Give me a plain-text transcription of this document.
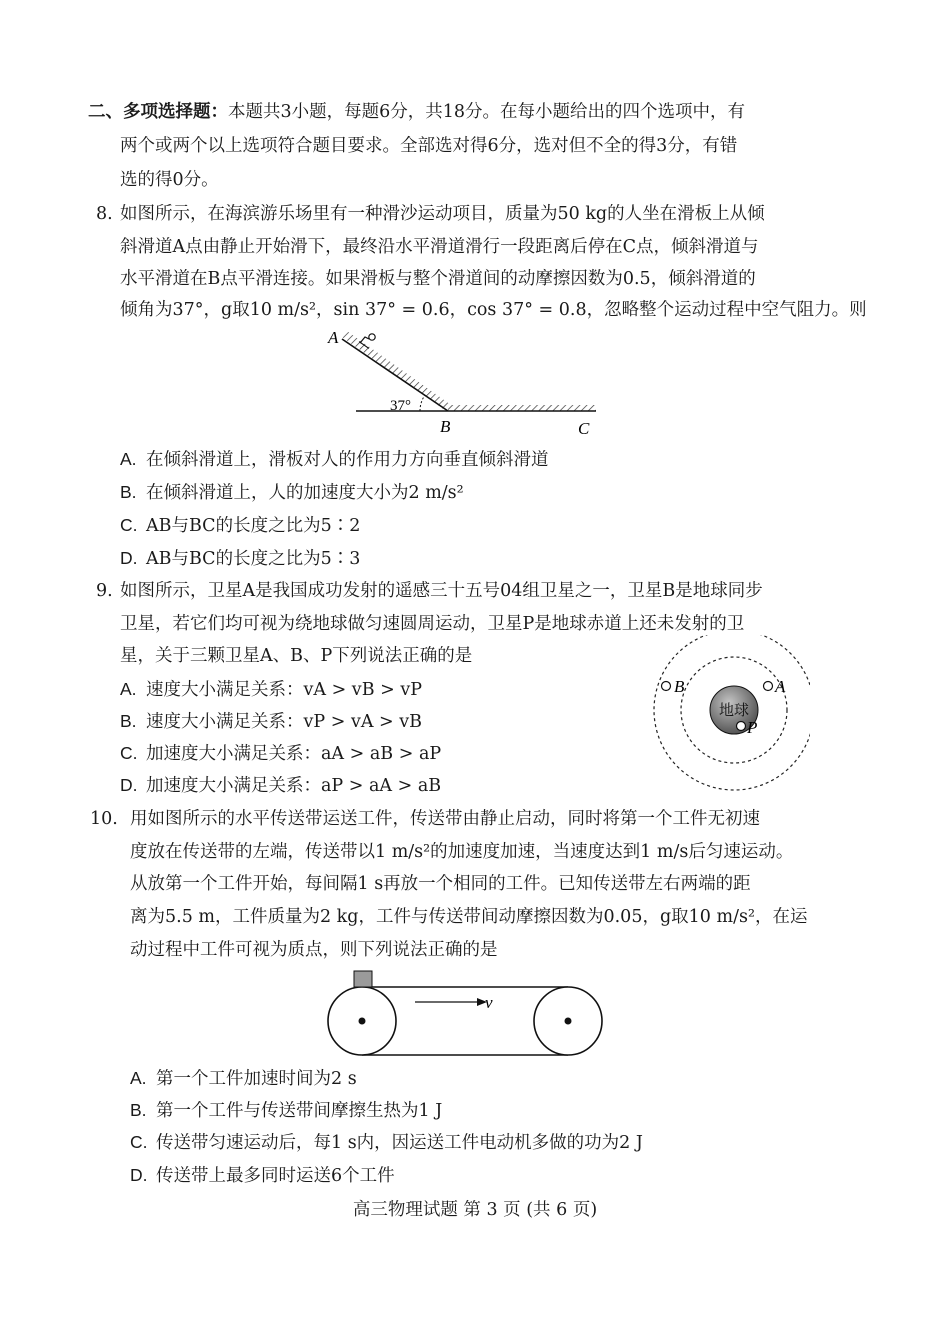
二、多项选择题：本题共3小题，每题6分，共18分。在每小题给出的四个选项中，有
两个或两个以上选项符合题目要求。全部选对得6分，选对但不全的得3分，有错
选的得0分。
8. 如图所示，在海滨游乐场里有一种滑沙运动项目，质量为50 kg的人坐在滑板上从倾
斜滑道A点由静止开始滑下，最终沿水平滑道滑行一段距离后停在C点，倾斜滑道与
水平滑道在B点平滑连接。如果滑板与整个滑道间的动摩擦因数为0.5，倾斜滑道的
倾角为37°，g取10 m/s²，sin 37° = 0.6，cos 37° = 0.8，忽略整个运动过程中空气阻力。则
A
37°
B	C
A. 在倾斜滑道上，滑板对人的作用力方向垂直倾斜滑道
B. 在倾斜滑道上，人的加速度大小为2 m/s²
C. AB与BC的长度之比为5∶2
D. AB与BC的长度之比为5∶3
9. 如图所示，卫星A是我国成功发射的遥感三十五号04组卫星之一，卫星B是地球同步
卫星，若它们均可视为绕地球做匀速圆周运动，卫星P是地球赤道上还未发射的卫
星，关于三颗卫星A、B、P下列说法正确的是
地球
B	A
P
A. 速度大小满足关系：vA > vB > vP
B. 速度大小满足关系：vP > vA > vB
C. 加速度大小满足关系：aA > aB > aP
D. 加速度大小满足关系：aP > aA > aB
10. 用如图所示的水平传送带运送工件，传送带由静止启动，同时将第一个工件无初速
度放在传送带的左端，传送带以1 m/s²的加速度加速，当速度达到1 m/s后匀速运动。
从放第一个工件开始，每间隔1 s再放一个相同的工件。已知传送带左右两端的距
离为5.5 m，工件质量为2 kg，工件与传送带间动摩擦因数为0.05，g取10 m/s²，在运
动过程中工件可视为质点，则下列说法正确的是
v
A. 第一个工件加速时间为2 s
B. 第一个工件与传送带间摩擦生热为1 J
C. 传送带匀速运动后，每1 s内，因运送工件电动机多做的功为2 J
D. 传送带上最多同时运送6个工件
高三物理试题 第 3 页 (共 6 页)
